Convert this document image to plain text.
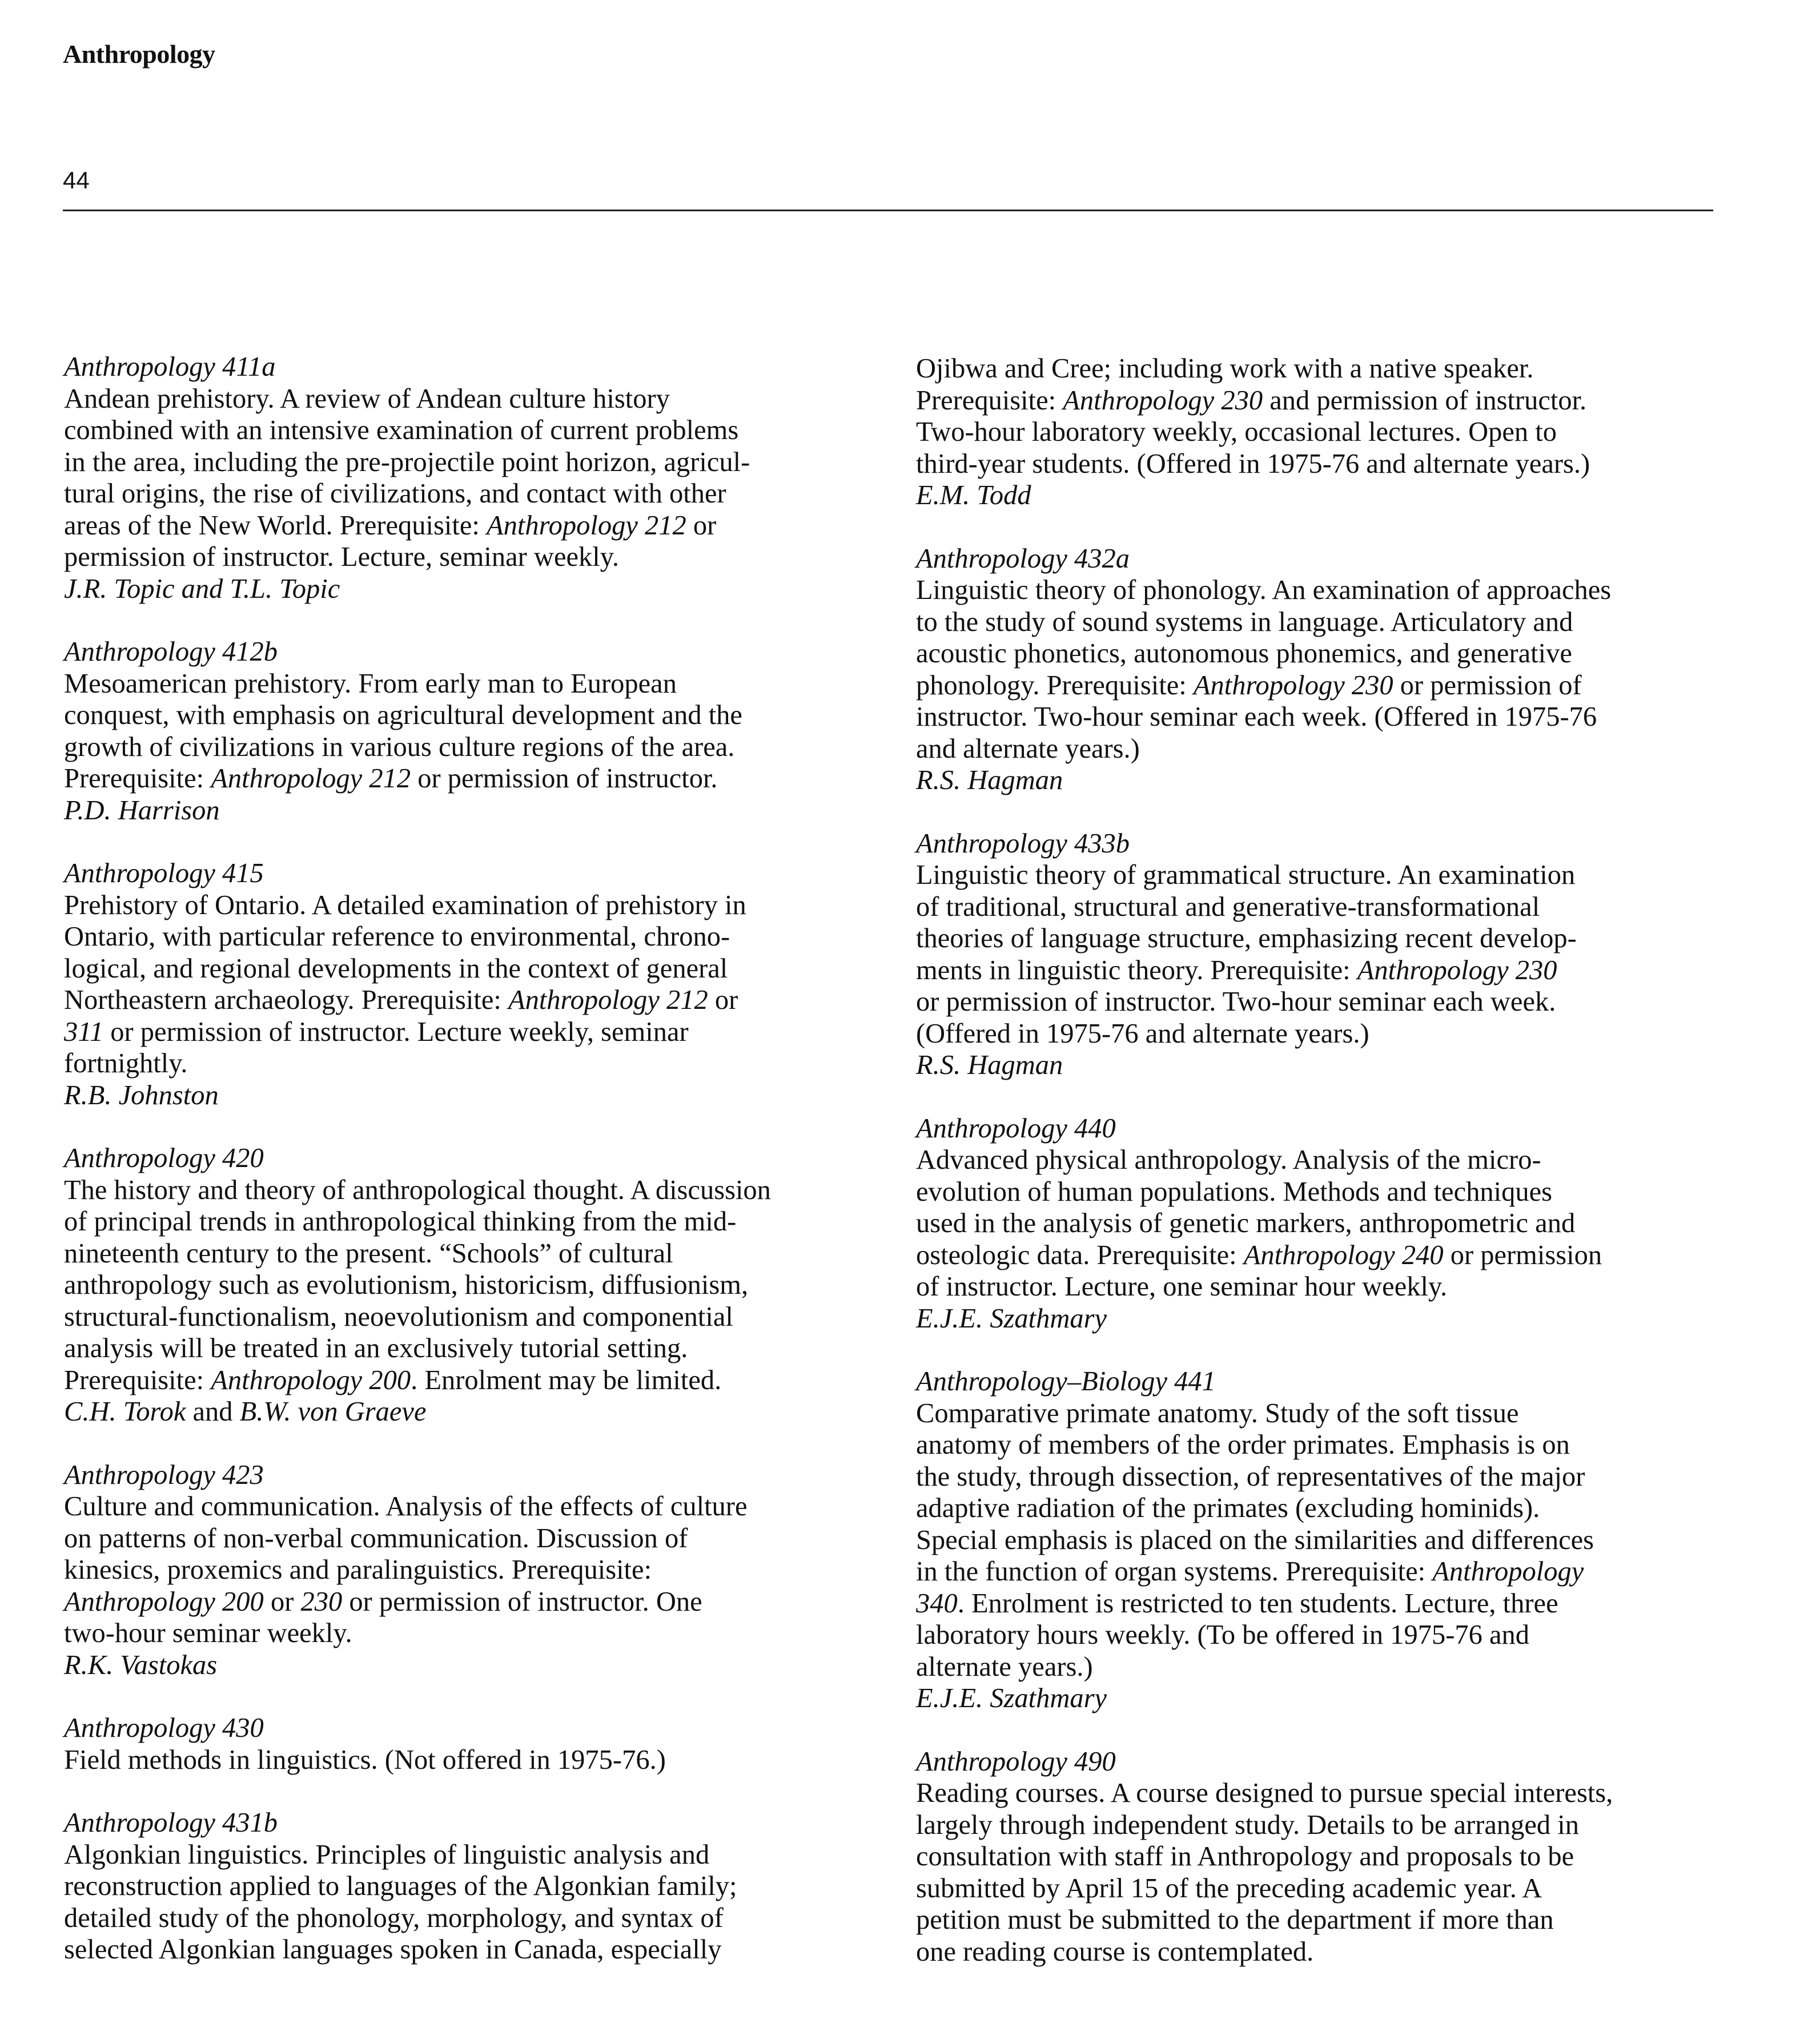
Anthropology
44
Anthropology 411a
Andean prehistory. A review of Andean culture history
combined with an intensive examination of current problems
in the area, including the pre-projectile point horizon, agricul-
tural origins, the rise of civilizations, and contact with other
areas of the New World. Prerequisite: Anthropology 212 or
permission of instructor. Lecture, seminar weekly.
J.R. Topic and T.L. Topic
Anthropology 412b
Mesoamerican prehistory. From early man to European
conquest, with emphasis on agricultural development and the
growth of civilizations in various culture regions of the area.
Prerequisite: Anthropology 212 or permission of instructor.
P.D. Harrison
Anthropology 415
Prehistory of Ontario. A detailed examination of prehistory in
Ontario, with particular reference to environmental, chrono-
logical, and regional developments in the context of general
Northeastern archaeology. Prerequisite: Anthropology 212 or
311 or permission of instructor. Lecture weekly, seminar
fortnightly.
R.B. Johnston
Anthropology 420
The history and theory of anthropological thought. A discussion
of principal trends in anthropological thinking from the mid-
nineteenth century to the present. “Schools” of cultural
anthropology such as evolutionism, historicism, diffusionism,
structural-functionalism, neoevolutionism and componential
analysis will be treated in an exclusively tutorial setting.
Prerequisite: Anthropology 200. Enrolment may be limited.
C.H. Torok and B.W. von Graeve
Anthropology 423
Culture and communication. Analysis of the effects of culture
on patterns of non-verbal communication. Discussion of
kinesics, proxemics and paralinguistics. Prerequisite:
Anthropology 200 or 230 or permission of instructor. One
two-hour seminar weekly.
R.K. Vastokas
Anthropology 430
Field methods in linguistics. (Not offered in 1975-76.)
Anthropology 431b
Algonkian linguistics. Principles of linguistic analysis and
reconstruction applied to languages of the Algonkian family;
detailed study of the phonology, morphology, and syntax of
selected Algonkian languages spoken in Canada, especially
Ojibwa and Cree; including work with a native speaker.
Prerequisite: Anthropology 230 and permission of instructor.
Two-hour laboratory weekly, occasional lectures. Open to
third-year students. (Offered in 1975-76 and alternate years.)
E.M. Todd
Anthropology 432a
Linguistic theory of phonology. An examination of approaches
to the study of sound systems in language. Articulatory and
acoustic phonetics, autonomous phonemics, and generative
phonology. Prerequisite: Anthropology 230 or permission of
instructor. Two-hour seminar each week. (Offered in 1975-76
and alternate years.)
R.S. Hagman
Anthropology 433b
Linguistic theory of grammatical structure. An examination
of traditional, structural and generative-transformational
theories of language structure, emphasizing recent develop-
ments in linguistic theory. Prerequisite: Anthropology 230
or permission of instructor. Two-hour seminar each week.
(Offered in 1975-76 and alternate years.)
R.S. Hagman
Anthropology 440
Advanced physical anthropology. Analysis of the micro-
evolution of human populations. Methods and techniques
used in the analysis of genetic markers, anthropometric and
osteologic data. Prerequisite: Anthropology 240 or permission
of instructor. Lecture, one seminar hour weekly.
E.J.E. Szathmary
Anthropology–Biology 441
Comparative primate anatomy. Study of the soft tissue
anatomy of members of the order primates. Emphasis is on
the study, through dissection, of representatives of the major
adaptive radiation of the primates (excluding hominids).
Special emphasis is placed on the similarities and differences
in the function of organ systems. Prerequisite: Anthropology
340. Enrolment is restricted to ten students. Lecture, three
laboratory hours weekly. (To be offered in 1975-76 and
alternate years.)
E.J.E. Szathmary
Anthropology 490
Reading courses. A course designed to pursue special interests,
largely through independent study. Details to be arranged in
consultation with staff in Anthropology and proposals to be
submitted by April 15 of the preceding academic year. A
petition must be submitted to the department if more than
one reading course is contemplated.
